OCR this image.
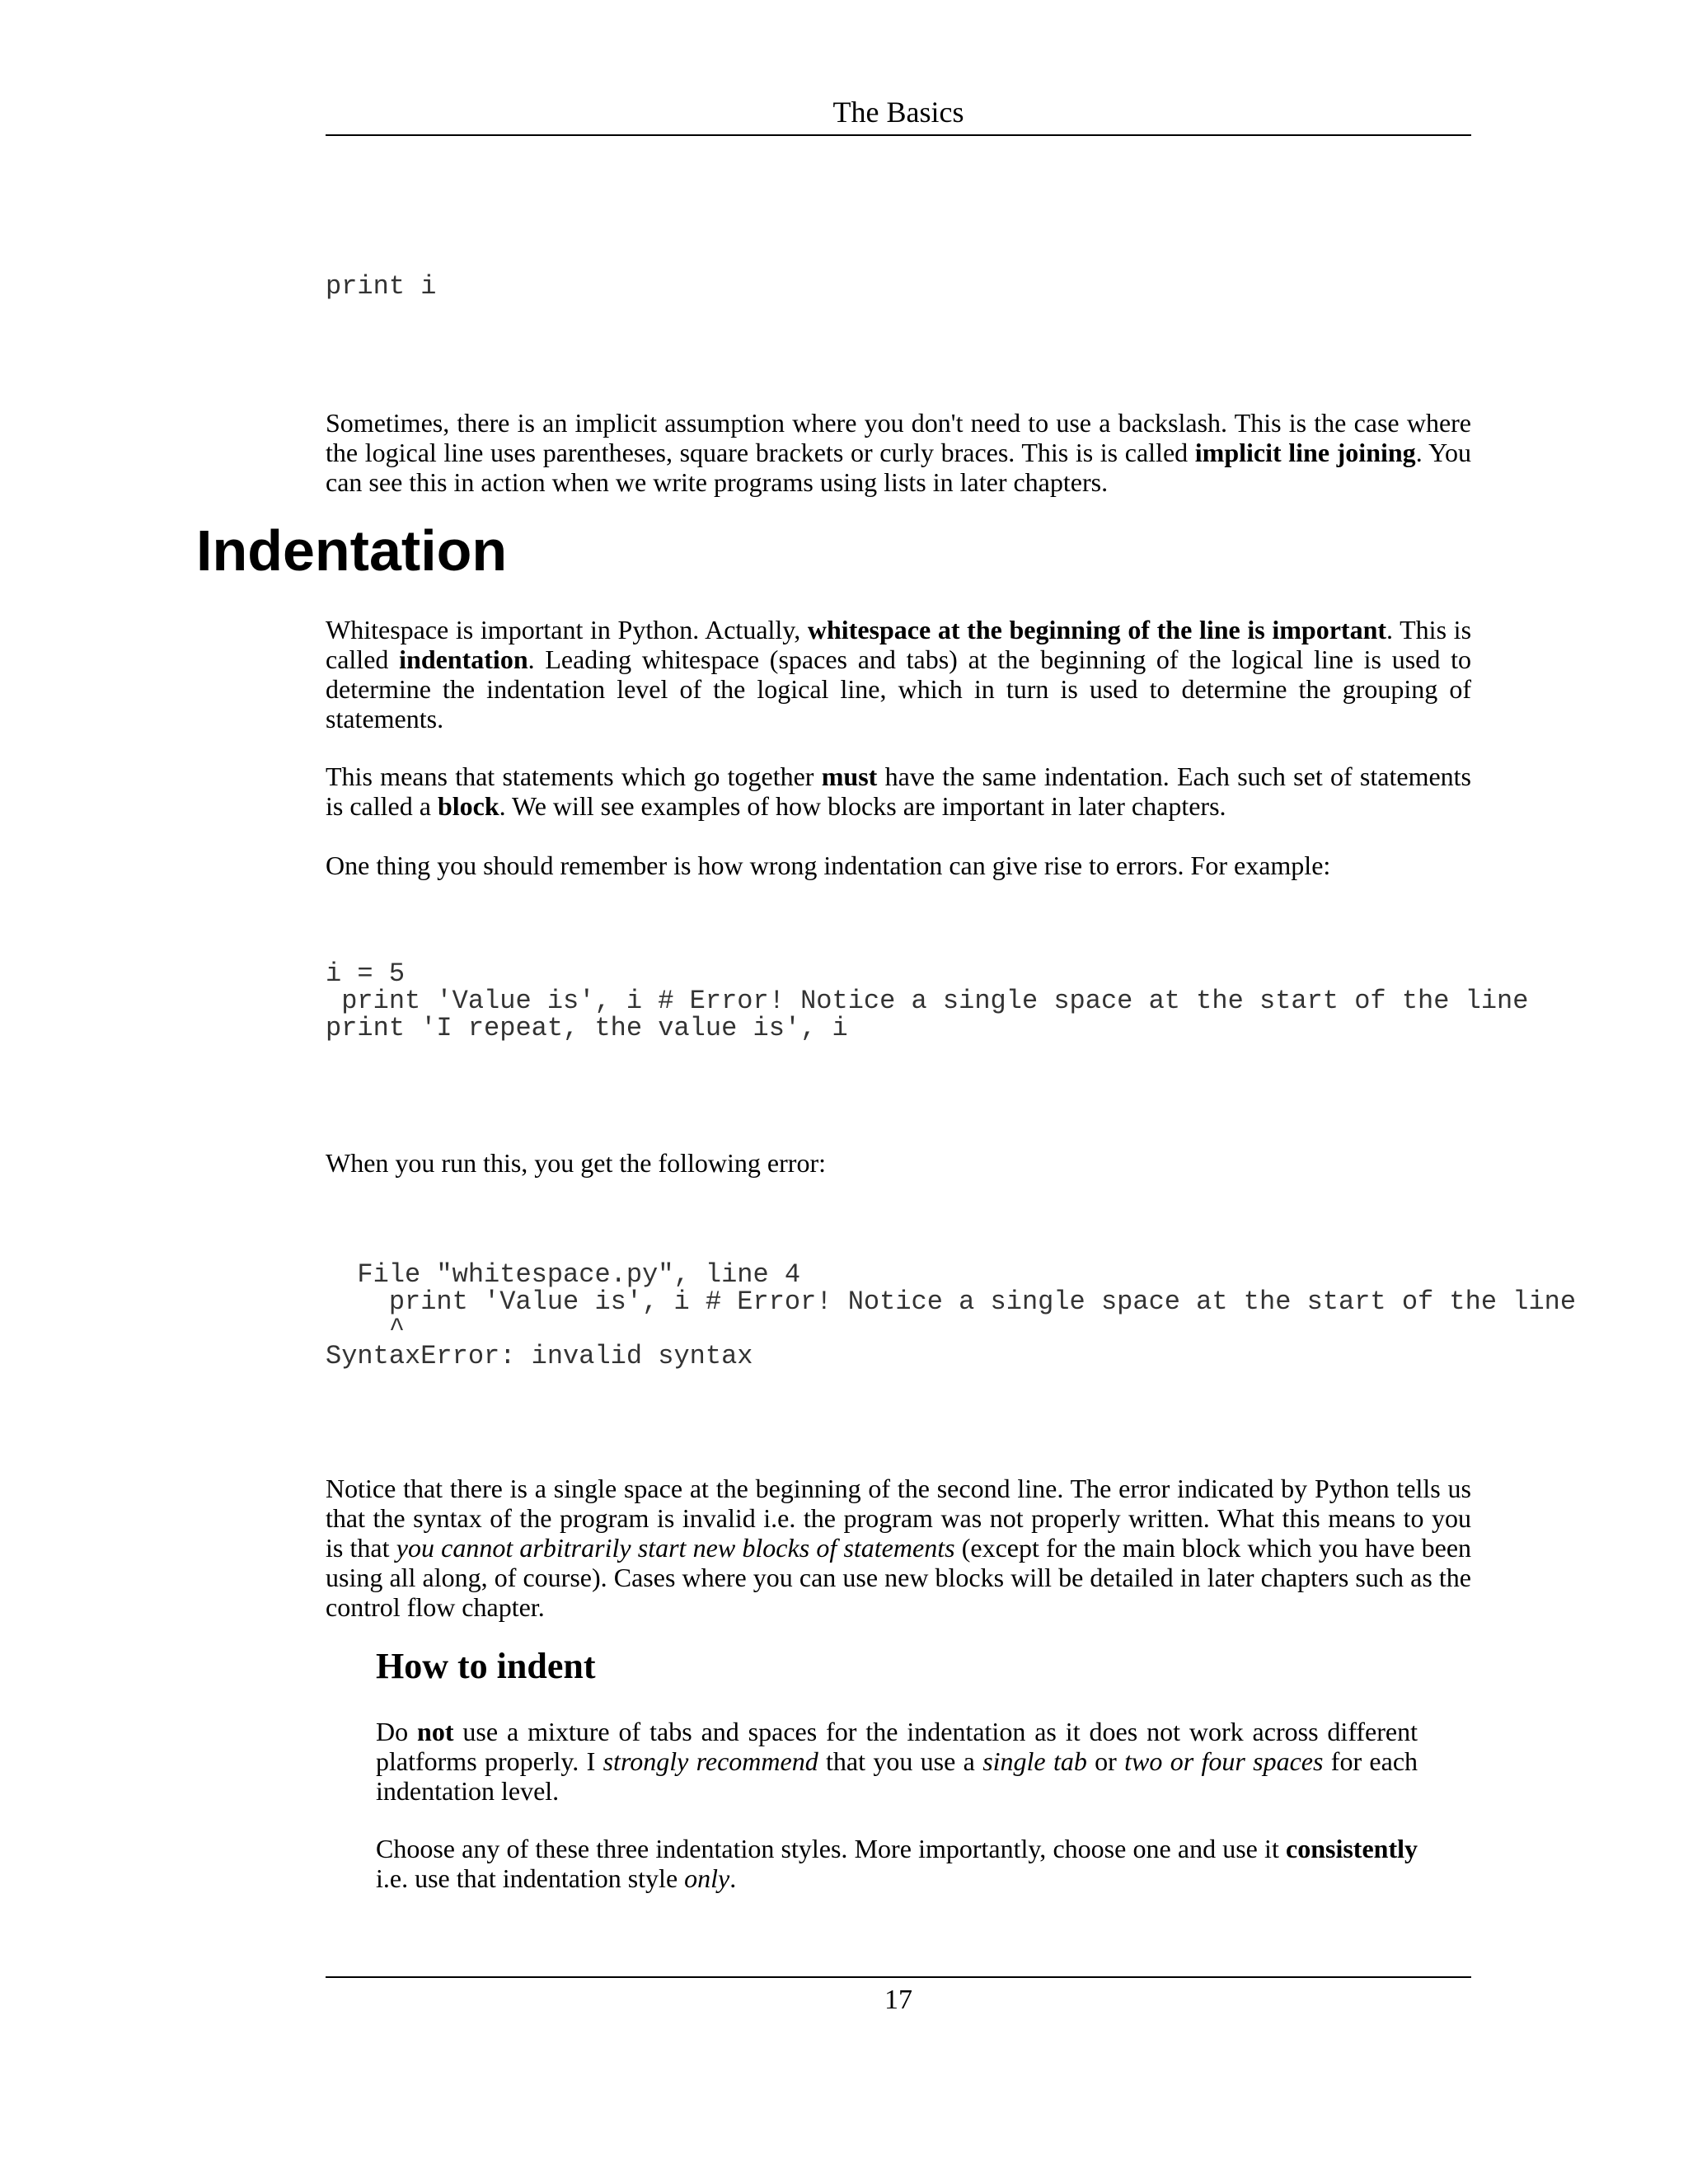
The Basics
print i

Sometimes, there is an implicit assumption where you don't need to use a backslash. This is the case where the logical line uses parentheses, square brackets or curly braces. This is is called implicit line joining. You can see this in action when we write programs using lists in later chapters.

Indentation

Whitespace is important in Python. Actually, whitespace at the beginning of the line is important. This is called indentation. Leading whitespace (spaces and tabs) at the beginning of the logical line is used to determine the indentation level of the logical line, which in turn is used to determine the grouping of statements.

This means that statements which go together must have the same indentation. Each such set of statements is called a block. We will see examples of how blocks are important in later chapters.

One thing you should remember is how wrong indentation can give rise to errors. For example:

i = 5
print 'Value is', i # Error! Notice a single space at the start of the line
print 'I repeat, the value is', i

When you run this, you get the following error:

File "whitespace.py", line 4
print 'Value is', i # Error! Notice a single space at the start of the line
^
SyntaxError: invalid syntax

Notice that there is a single space at the beginning of the second line. The error indicated by Python tells us that the syntax of the program is invalid i.e. the program was not properly written. What this means to you is that you cannot arbitrarily start new blocks of statements (except for the main block which you have been using all along, of course). Cases where you can use new blocks will be detailed in later chapters such as the control flow chapter.

How to indent

Do not use a mixture of tabs and spaces for the indentation as it does not work across different platforms properly. I strongly recommend that you use a single tab or two or four spaces for each indentation level.

Choose any of these three indentation styles. More importantly, choose one and use it consistently i.e. use that indentation style only.

17
